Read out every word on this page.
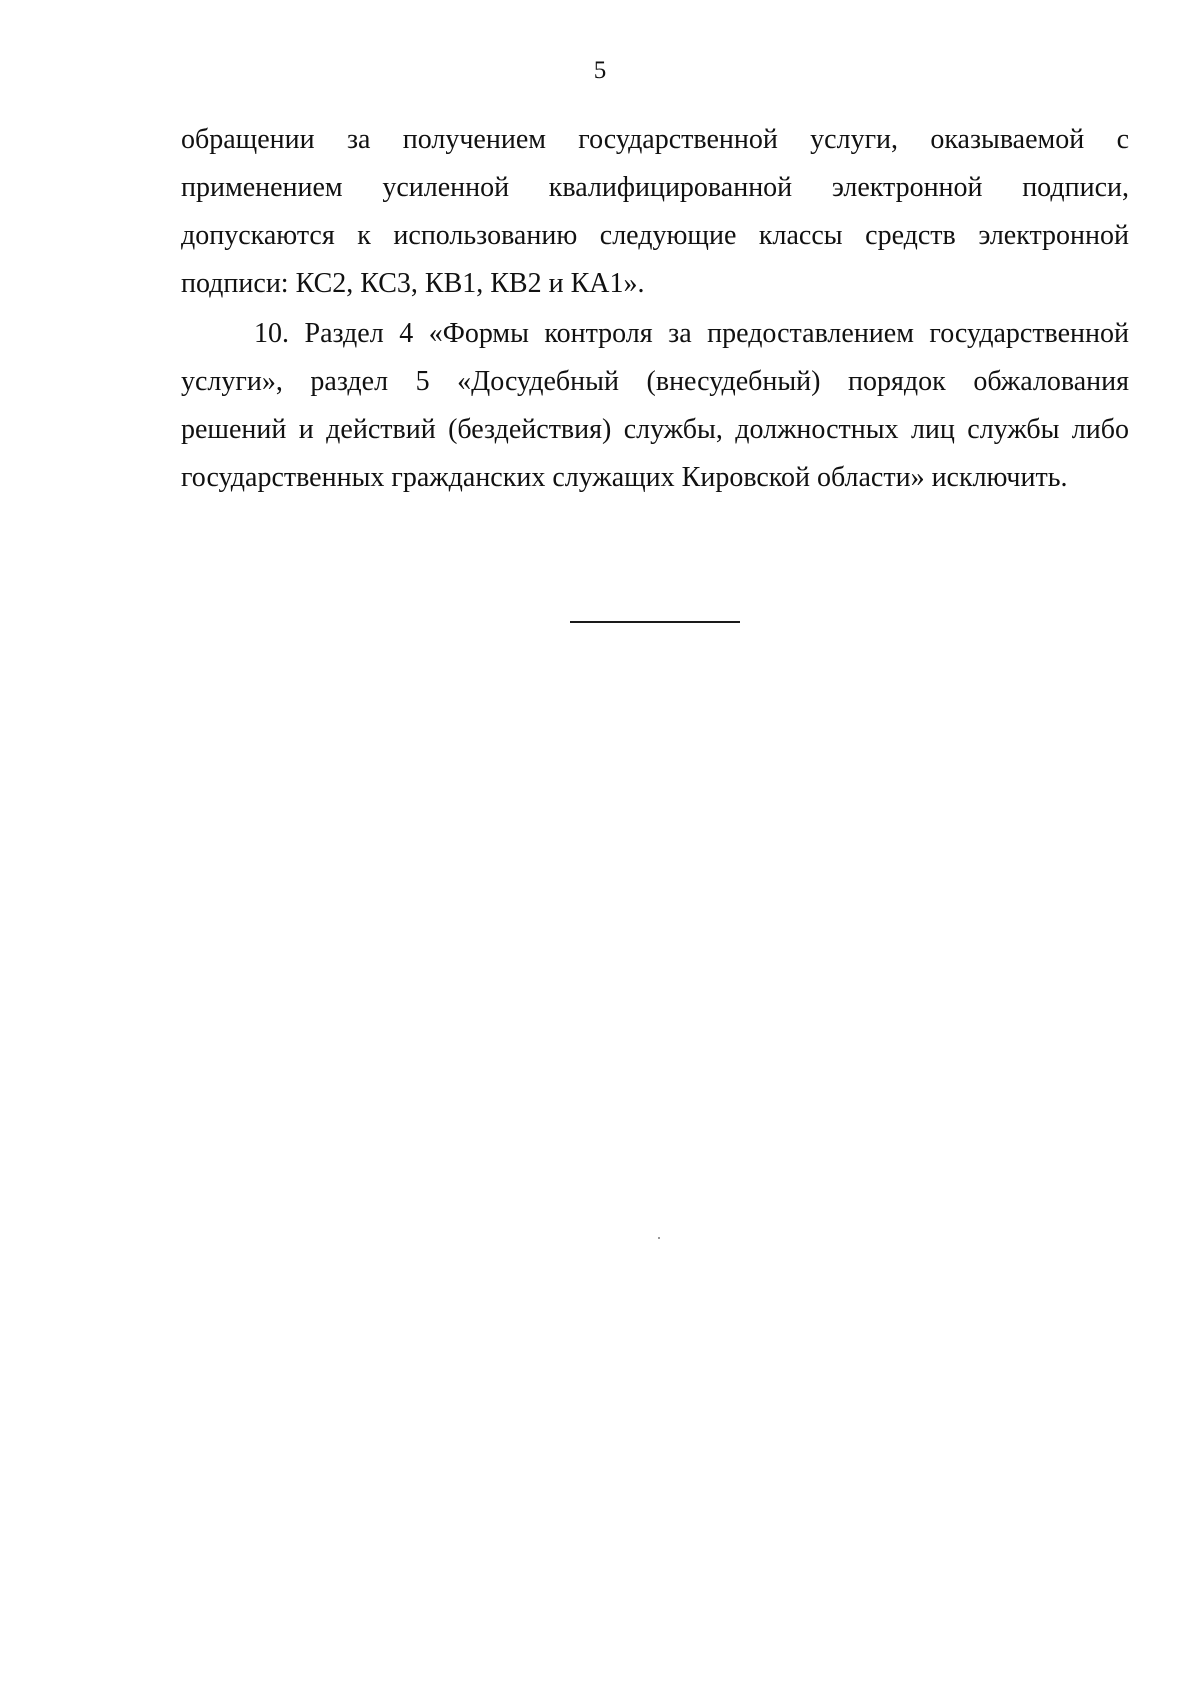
5
обращении за получением государственной услуги, оказываемой с
применением усиленной квалифицированной электронной подписи,
допускаются к использованию следующие классы средств электронной
подписи: КС2, КС3, КВ1, КВ2 и КА1».
10. Раздел 4 «Формы контроля за предоставлением государственной
услуги», раздел 5 «Досудебный (внесудебный) порядок обжалования
решений и действий (бездействия) службы, должностных лиц службы либо
государственных гражданских служащих Кировской области» исключить.
